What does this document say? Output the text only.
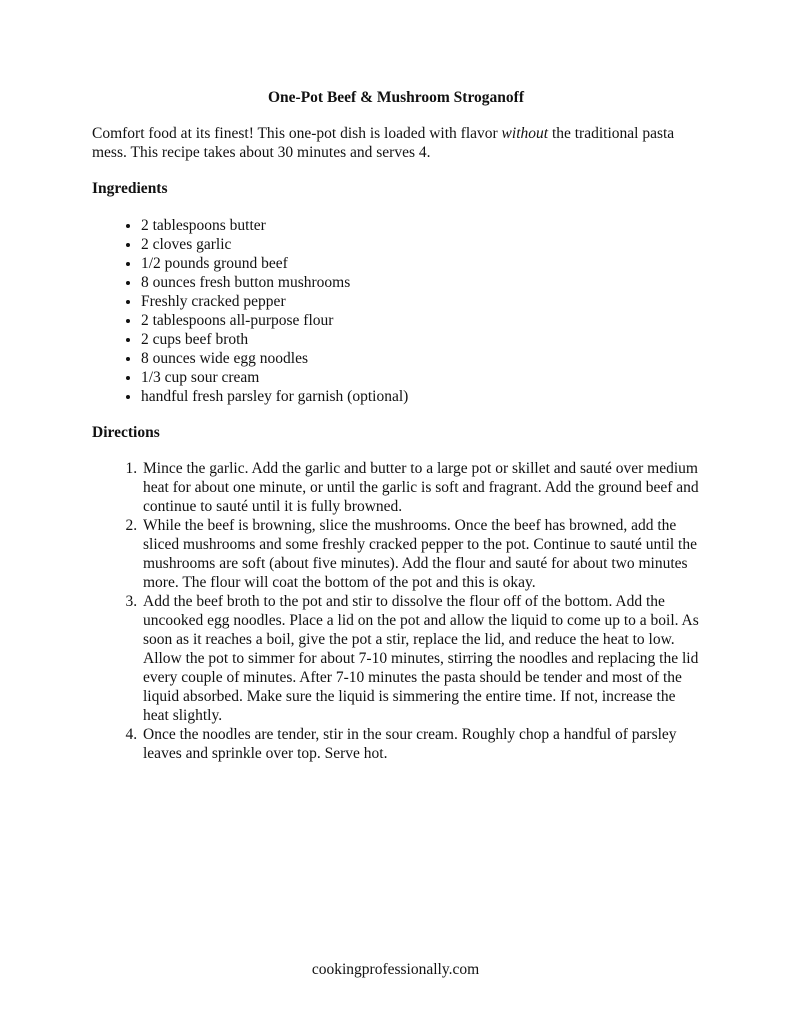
One-Pot Beef & Mushroom Stroganoff

Comfort food at its finest! This one-pot dish is loaded with flavor without the traditional pasta mess. This recipe takes about 30 minutes and serves 4.

Ingredients
• 2 tablespoons butter
• 2 cloves garlic
• 1/2 pounds ground beef
• 8 ounces fresh button mushrooms
• Freshly cracked pepper
• 2 tablespoons all-purpose flour
• 2 cups beef broth
• 8 ounces wide egg noodles
• 1/3 cup sour cream
• handful fresh parsley for garnish (optional)
Directions
1. Mince the garlic. Add the garlic and butter to a large pot or skillet and sauté over medium heat for about one minute, or until the garlic is soft and fragrant. Add the ground beef and continue to sauté until it is fully browned.
2. While the beef is browning, slice the mushrooms. Once the beef has browned, add the sliced mushrooms and some freshly cracked pepper to the pot. Continue to sauté until the mushrooms are soft (about five minutes). Add the flour and sauté for about two minutes more. The flour will coat the bottom of the pot and this is okay.
3. Add the beef broth to the pot and stir to dissolve the flour off of the bottom. Add the uncooked egg noodles. Place a lid on the pot and allow the liquid to come up to a boil. As soon as it reaches a boil, give the pot a stir, replace the lid, and reduce the heat to low. Allow the pot to simmer for about 7-10 minutes, stirring the noodles and replacing the lid every couple of minutes. After 7-10 minutes the pasta should be tender and most of the liquid absorbed. Make sure the liquid is simmering the entire time. If not, increase the heat slightly.
4. Once the noodles are tender, stir in the sour cream. Roughly chop a handful of parsley leaves and sprinkle over top. Serve hot.
cookingprofessionally.com
